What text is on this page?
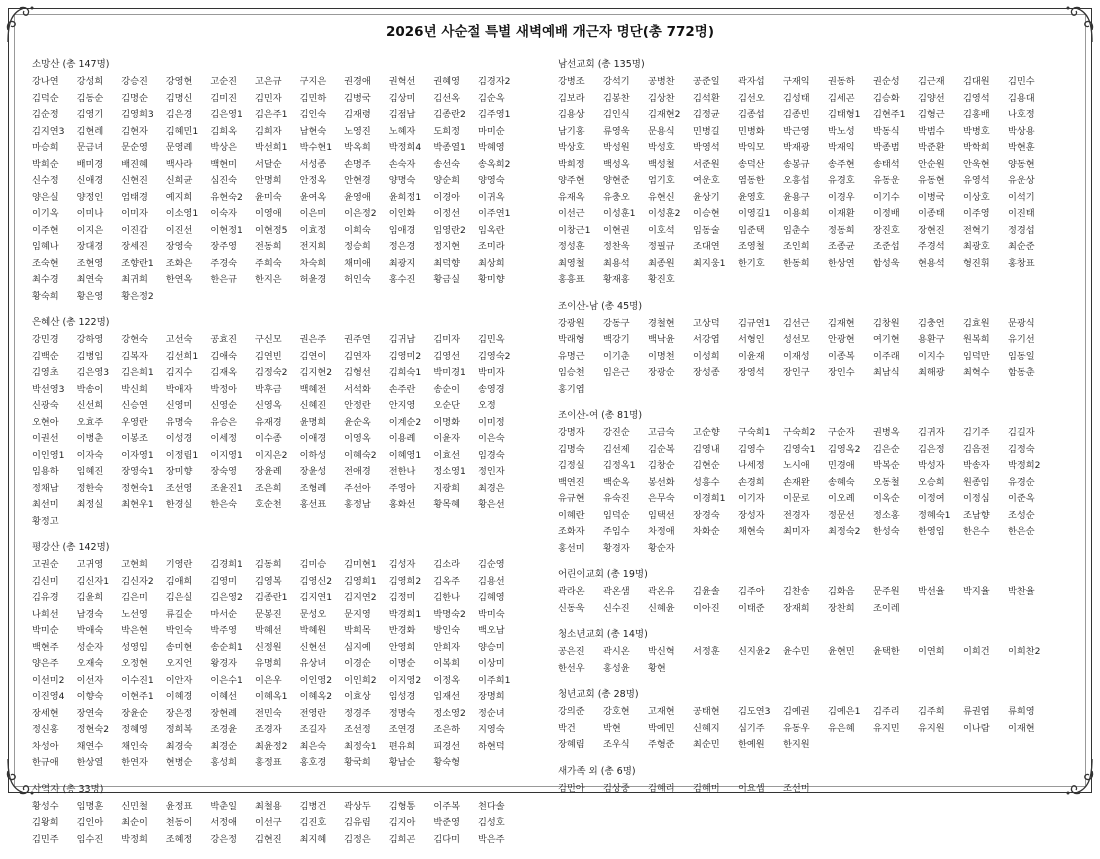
2026년 사순절 특별 새벽예배 개근자 명단(총 772명)
소망산 (총 147명)
강나연	강성희	강승진	강영현	고순진	고은규	구지은	권경애	권혁선	권혜영	김경자2
김덕순	김동순	김명순	김명신	김미진	김민자	김민하	김병국	김상미	김선옥	김순옥
김순정	김영기	김영희3	김은경	김은영1	김은주1	김인숙	김재령	김점남	김종란2	김주영1
김지연3	김현레	김현자	김혜민1	김희옥	김희자	남현숙	노영진	노혜자	도희정	마미순
마승희	문금녀	문순영	문영례	박상은	박선희1	박수현1	박옥희	박정희4	박종열1	박혜영
박희순	배미경	배진혜	백사라	백현미	서달순	서성종	손명주	손숙자	송선숙	송옥희2
신수정	신애경	신현진	신희균	심진숙	안명희	안정옥	안현경	양명숙	양순희	양영숙
양은실	양정인	엄태경	예지희	유현숙2	윤미숙	윤여옥	윤영애	윤희정1	이경아	이귀옥
이기옥	이미나	이미자	이소영1	이숙자	이영애	이은미	이은정2	이인화	이정선	이주연1
이주현	이지은	이진갑	이진선	이현정1	이현정5	이효정	이희숙	임애경	임영란2	임옥란
임혜나	장대경	장세진	장영숙	장주영	전동희	전지희	정승희	정은경	정지현	조미라
조숙현	조현영	조향란1	조화은	주경숙	주희숙	차숙희	채미애	최광지	최덕향	최상희
최수경	최연숙	최귀희	한연옥	한은규	한지은	허윤경	허인숙	홍수진	황금실	황미향
황숙희	황은영	황은정2
은혜산 (총 122명)
강민경	강하영	강현숙	고선숙	공효진	구신모	권은주	권주연	김귀남	김미자	김민옥
김백순	김병임	김복자	김선희1	김애숙	김연빈	김연이	김연자	김영미2	김영선	김영숙2
김영초	김은영3	김은희1	김지수	김재옥	김정숙2	김지현2	김형선	김희숙1	박미경1	박미자
박선영3	박송이	박신희	박애자	박정아	박후금	백혜전	서석화	손주란	송순이	송영경
신광숙	신선희	신승연	신영미	신영순	신영옥	신혜진	안정란	안지영	오순단	오정
오현아	오효주	우영란	유명숙	유승은	유재경	윤명희	윤순옥	이계순2	이명화	이미정
이권선	이병춘	이봉조	이성경	이세정	이수종	이애경	이영옥	이용례	이윤자	이은숙
이인영1	이자숙	이자영1	이정림1	이지영1	이지은2	이하성	이혜숙2	이혜영1	이효선	임경숙
임용하	임혜진	장영숙1	장미향	장숙영	장윤례	장윤성	전애경	전한나	정소영1	정인자
정채남	정한숙	정현숙1	조선영	조윤진1	조은희	조형례	주선아	주영아	지광희	최경은
최선미	최정실	최현우1	한경실	한은숙	호순천	홍선표	홍정남	홍화선	황목혜	황은선
황정고
평강산 (총 142명)
고권순	고귀영	고현희	기영란	김경희1	김동희	김미승	김미현1	김성자	김소라	김순영
김신미	김신자1	김신자2	김애희	김영미	김영복	김영신2	김영희1	김영희2	김옥주	김용선
김유경	김윤희	김은미	김은실	김은영2	김종란1	김지연1	김지연2	김정미	김한나	김혜영
나희선	남경숙	노선영	류길순	마서순	문봉진	문성오	문지영	박경희1	박명숙2	박미숙
박미순	박애숙	박은현	박인숙	박주영	박혜선	박혜원	박희목	반경화	방인숙	백오남
백현주	성순자	성영임	송미현	송순희1	신정원	신현선	심지예	안영희	안희자	양승미
양은주	오재숙	오정현	오지언	왕경자	유명희	유상녀	이경순	이명순	이복희	이상미
이선미2	이선자	이수진1	이안자	이은수1	이은우	이인영2	이인희2	이지영2	이정옥	이주희1
이진영4	이향숙	이현주1	이혜경	이혜선	이혜옥1	이혜옥2	이효상	임성경	임재선	장명희
장세현	장연숙	장윤순	장은정	장현례	전민숙	전영란	정경주	정명숙	정소영2	정순녀
정신홍	정현숙2	정혜영	정희복	조경윤	조경자	조길자	조선정	조연경	조은하	지영숙
차성아	채연수	채인숙	최경숙	최경순	최윤정2	최은숙	최정숙1	편유희	피경선	하현덕
한규애	한상열	한연자	현병순	홍성희	홍정표	홍호경	황국희	황남순	황숙형
사역자 (총 33명)
황성수	임명훈	신민철	윤정표	박춘일	최철용	김병건	곽상두	김형통	이주복	천다솔
김왕희	김인아	최순이	천동이	서정애	이선구	김진호	김유림	김지아	박준영	김성호
김민주	임수진	박정희	조혜정	강은정	김현진	최지혜	김정은	김희곤	김다미	박은주
남선교회 (총 135명)
강병조	강석기	공병찬	공준일	곽자섭	구재익	권동하	권순성	김근재	김대원	김민수
김보라	김봉찬	김상찬	김석환	김선오	김성태	김세곤	김승화	김양선	김영석	김용대
김용상	김인식	김재현2	김정균	김종섭	김종빈	김태형1	김현주1	김형근	김홍배	나호정
남기홍	류영욱	문용식	민병길	민병화	박근영	박노성	박동식	박범수	박병호	박상용
박상호	박성원	박성호	박영석	박익모	박재광	박재익	박종범	박준환	박학희	박현훈
박희정	백성옥	백성철	서준원	송덕산	송봉규	송주현	송태석	안순원	안욱현	양동현
양주현	양현준	엄기호	여운호	염동한	오흥섭	유경호	유동운	유동현	유영석	유운상
유재옥	유충오	유현신	윤상기	윤영호	윤용구	이경우	이기수	이병국	이상호	이석기
이선근	이성훈1	이성훈2	이승현	이영길1	이용희	이재환	이정배	이종태	이주영	이진태
이창근1	이현권	이호석	임동술	임준택	임춘수	정동희	장진호	장현진	전혁기	정경섭
정성훈	정찬욱	정필규	조대연	조영철	조인희	조종균	조준섭	주경석	최광호	최순준
최영철	최용석	최종원	최지웅1	한기호	한동희	한상연	함성욱	현용석	형진휘	홍창표
홍흥표	황재홍	황진호
조이산-남 (총 45명)
강광원	강동구	경철현	고상덕	김규연1	김선근	김재현	김창원	김충언	김효원	문광식
박래형	백강기	백낙윤	서강엽	서형인	성선모	안광현	여기현	용환구	원복희	유기선
유명근	이기춘	이명천	이성희	이윤재	이재성	이종복	이주래	이지수	임덕만	임동일
임승천	임은근	장광순	장성종	장영석	장인구	장인수	최남식	최해광	최혁수	함동춘
홍기엽
조이산-여 (총 81명)
강명자	강진순	고금숙	고순향	구숙희1	구숙희2	구순자	권병옥	김귀자	김기주	김길자
김명숙	김선제	김순복	김영내	김영수	김영숙1	김영옥2	김은순	김은정	김음전	김정숙
김정실	김정옥1	김창순	김현순	나세정	노시애	민경애	박복순	박성자	박송자	박정희2
백연진	백순옥	봉선화	성흥수	손경희	손재완	송혜숙	오동철	오승희	원종임	유경순
유규현	유숙진	은무숙	이경희1	이기자	이문로	이오례	이옥순	이정여	이정심	이준옥
이혜란	임덕순	임택선	장경숙	장성자	전경자	정문선	정소홍	정혜숙1	조남향	조성순
조화자	주임수	차정애	차화순	채현숙	최미자	최정숙2	한성숙	한영임	한은수	한은순
홍선미	황경자	황순자
어린이교회 (총 19명)
곽라온	곽온샘	곽온유	김윤솔	김주아	김찬송	김화음	문주원	박선율	박지율	박찬율
신동욱	신수진	신혜윤	이아진	이태준	장재희	장찬희	조이레
청소년교회 (총 14명)
공은진	곽시온	박신혁	서정훈	신지윤2	윤수민	윤현민	윤택한	이연희	이희건	이희찬2
한선우	홍성윤	황현
청년교회 (총 28명)
강의준	강호현	고재현	공태현	김도연3	김예권	김예은1	김주리	김주희	류권엽	류희영
박건	박현	박예민	신혜지	심기주	유동우	유은혜	유지민	유지원	이나람	이재현
장혜림	조우식	주형준	최순민	한예원	한지원
새가족 외 (총 6명)
김민아	김상중	김혜리	김혜미	이요셉	조선미
